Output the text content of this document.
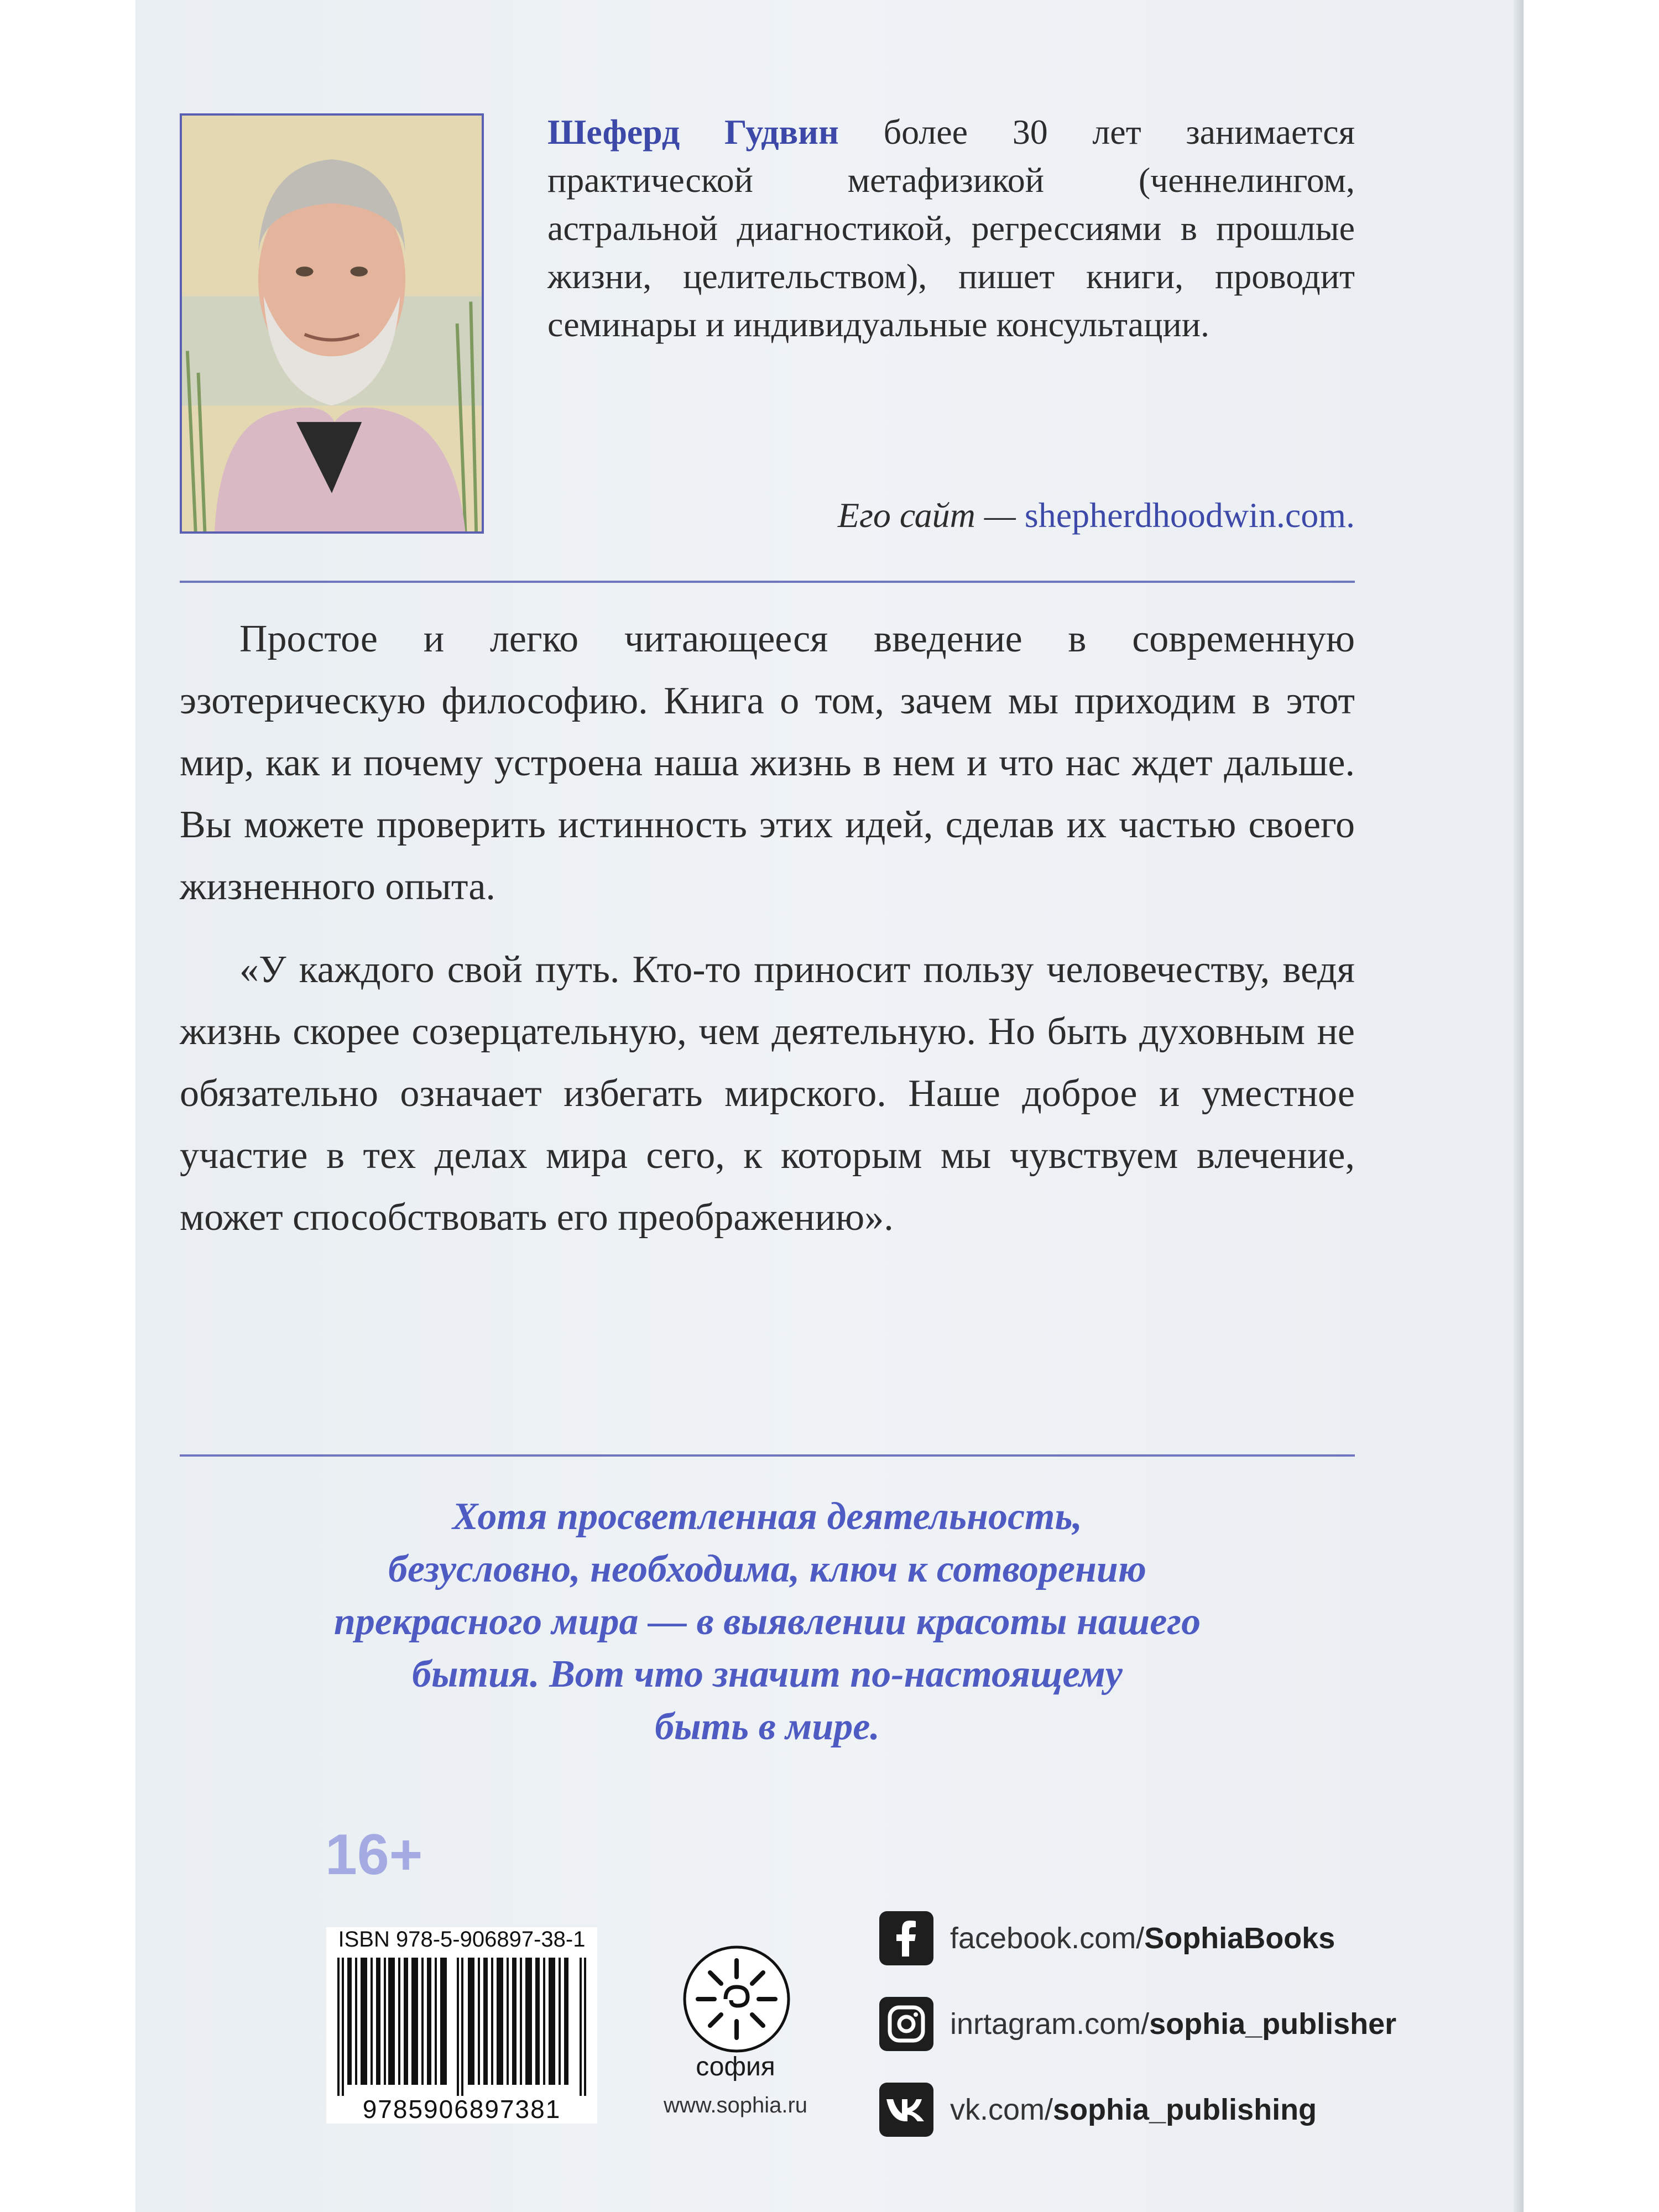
Шеферд Гудвин более 30 лет занимается практической метафизикой (ченнелингом, астральной диагностикой, регрессиями в прошлые жизни, целительством), пишет книги, проводит семинары и индивидуальные консультации.
Его сайт — shepherdhoodwin.com.

Простое и легко читающееся введение в современную эзотерическую философию. Книга о том, зачем мы приходим в этот мир, как и почему устроена наша жизнь в нем и что нас ждет дальше. Вы можете проверить истинность этих идей, сделав их частью своего жизненного опыта.

«У каждого свой путь. Кто-то приносит пользу человечеству, ведя жизнь скорее созерцательную, чем деятельную. Но быть духовным не обязательно означает избегать мирского. Наше доброе и уместное участие в тех делах мира сего, к которым мы чувствуем влечение, может способствовать его преображению».

Хотя просветленная деятельность,
безусловно, необходима, ключ к сотворению
прекрасного мира — в выявлении красоты нашего
бытия. Вот что значит по-настоящему
быть в мире.
16+
ISBN 978-5-906897-38-1
9785906897381
софия
www.sophia.ru
facebook.com/SophiaBooks
inrtagram.com/sophia_publisher
vk.com/sophia_publishing
